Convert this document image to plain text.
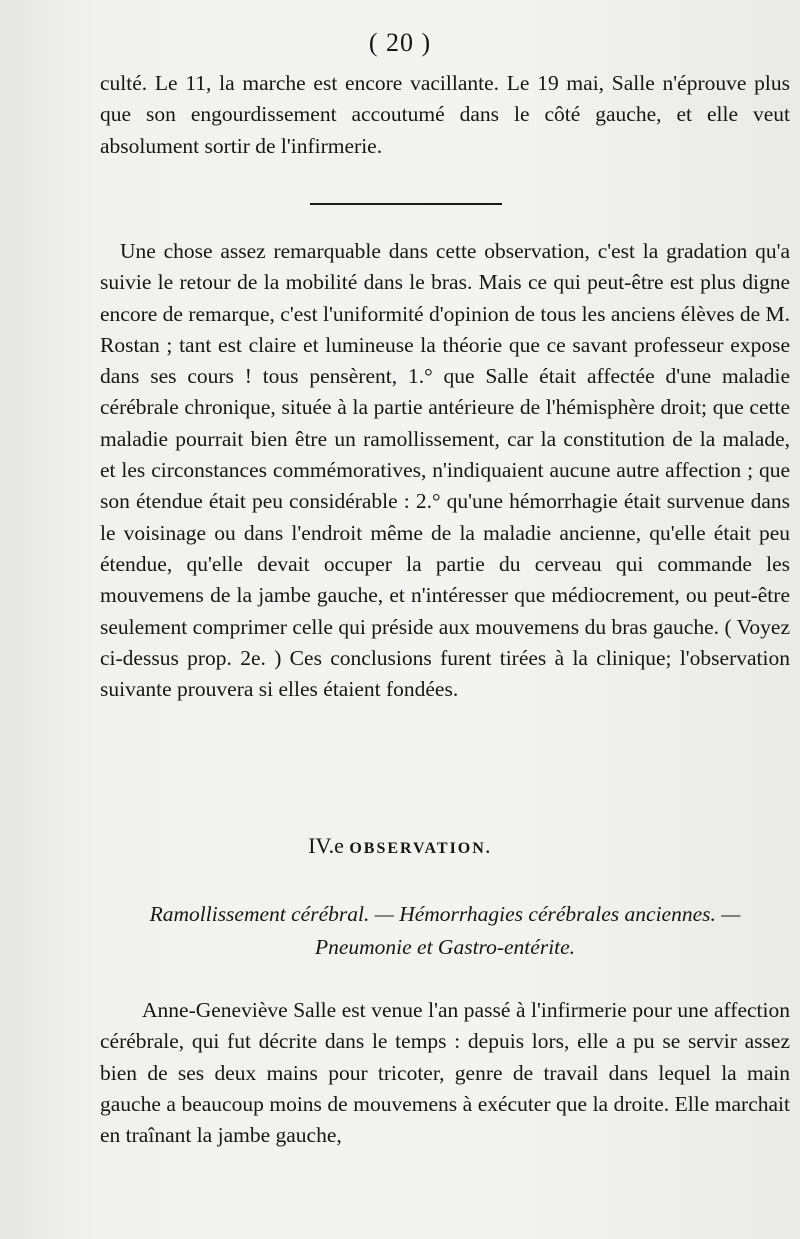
( 20 )

culté. Le 11, la marche est encore vacillante. Le 19 mai, Salle n'éprouve plus que son engourdissement accoutumé dans le côté gauche, et elle veut absolument sortir de l'infirmerie.

Une chose assez remarquable dans cette observation, c'est la gradation qu'a suivie le retour de la mobilité dans le bras. Mais ce qui peut-être est plus digne encore de remarque, c'est l'uniformité d'opinion de tous les anciens élèves de M. Rostan ; tant est claire et lumineuse la théorie que ce savant professeur expose dans ses cours ! tous pensèrent, 1.° que Salle était affectée d'une maladie cérébrale chronique, située à la partie antérieure de l'hémisphère droit; que cette maladie pourrait bien être un ramollissement, car la constitution de la malade, et les circonstances commémoratives, n'indiquaient aucune autre affection ; que son étendue était peu considérable : 2.° qu'une hémorrhagie était survenue dans le voisinage ou dans l'endroit même de la maladie ancienne, qu'elle était peu étendue, qu'elle devait occuper la partie du cerveau qui commande les mouvemens de la jambe gauche, et n'intéresser que médiocrement, ou peut-être seulement comprimer celle qui préside aux mouvemens du bras gauche. ( Voyez ci-dessus prop. 2e. ) Ces conclusions furent tirées à la clinique; l'observation suivante prouvera si elles étaient fondées.

IV.e OBSERVATION.
Ramollissement cérébral. — Hémorrhagies cérébrales anciennes. —
Pneumonie et Gastro-entérite.

Anne-Geneviève Salle est venue l'an passé à l'infirmerie pour une affection cérébrale, qui fut décrite dans le temps : depuis lors, elle a pu se servir assez bien de ses deux mains pour tricoter, genre de travail dans lequel la main gauche a beaucoup moins de mouvemens à exécuter que la droite. Elle marchait en traînant la jambe gauche,
